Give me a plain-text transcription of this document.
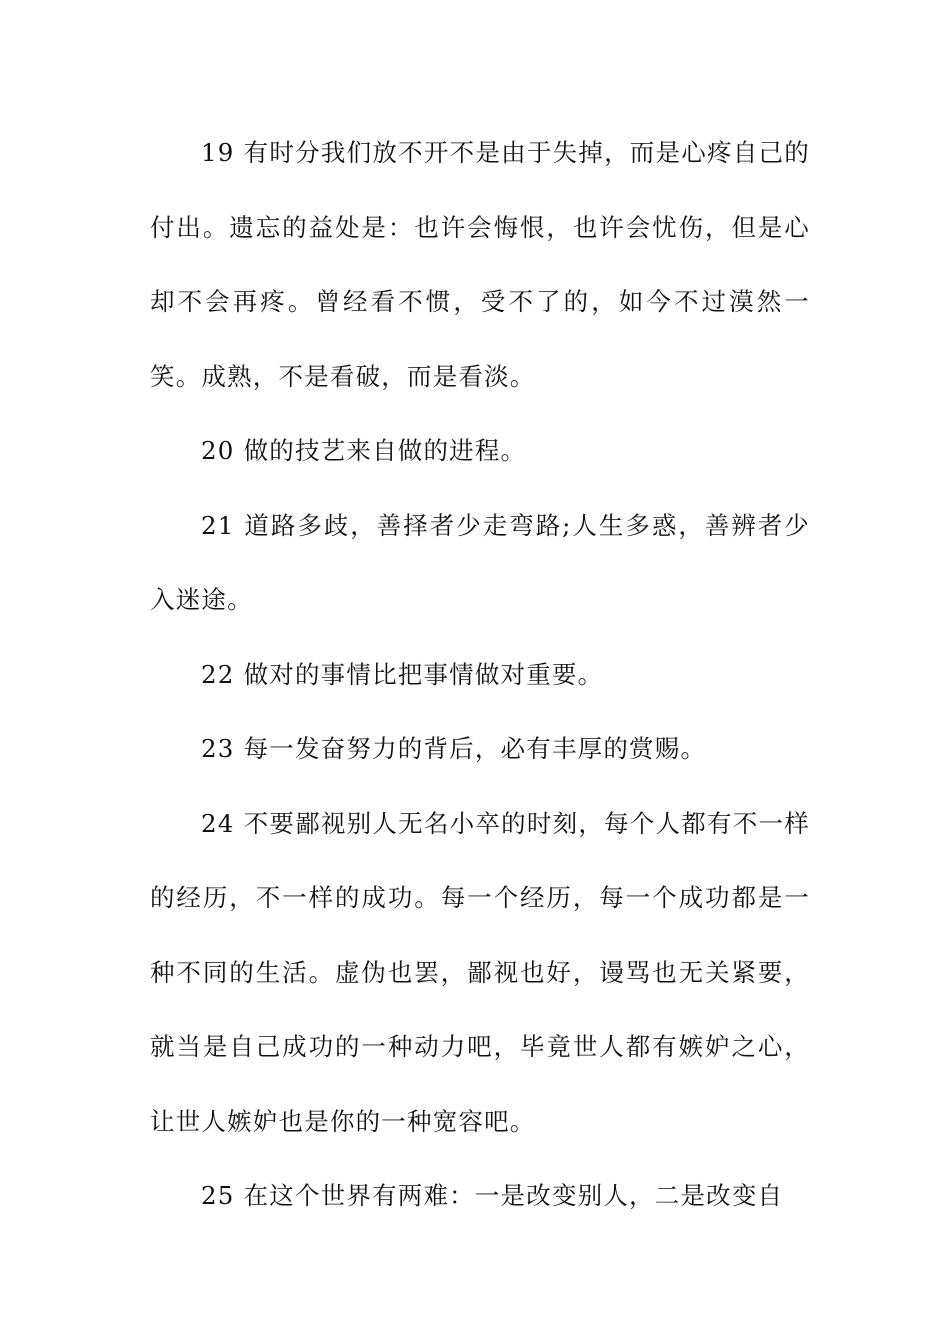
19 有时分我们放不开不是由于失掉，而是心疼自己的付出。遗忘的益处是：也许会悔恨，也许会忧伤，但是心却不会再疼。曾经看不惯，受不了的，如今不过漠然一笑。成熟，不是看破，而是看淡。

20 做的技艺来自做的进程。

21 道路多歧，善择者少走弯路;人生多惑，善辨者少入迷途。

22 做对的事情比把事情做对重要。

23 每一发奋努力的背后，必有丰厚的赏赐。

24 不要鄙视别人无名小卒的时刻，每个人都有不一样的经历，不一样的成功。每一个经历，每一个成功都是一种不同的生活。虚伪也罢，鄙视也好，谩骂也无关紧要，就当是自己成功的一种动力吧，毕竟世人都有嫉妒之心，让世人嫉妒也是你的一种宽容吧。

25 在这个世界有两难：一是改变别人，二是改变自
